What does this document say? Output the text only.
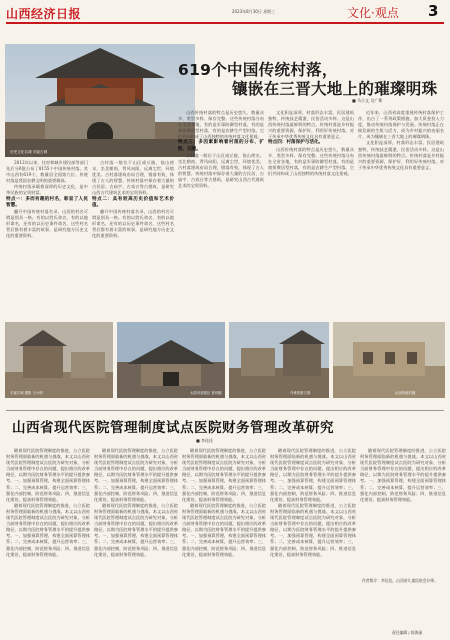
山西经济日报	2023年8月30日 星期三	文化·观点 3
历史文化名城 平遥古城
619个中国传统村落，
镶嵌在三晋大地上的璀璨明珠
■ 马小文 吴广斯

2012年以来，住房和城乡建设部等部门先后分6批公布了8155个中国传统村落，其中山西有619个，数量居全国第九位。传统村落是我国农耕文明的重要载体。

传统村落承载着深厚的历史文化，是中华民族的宝贵财富。

特点一：多而有趣的村名，彰显了人民智慧。

翻开中国传统村落名录，山西的村名可谓是别具一格。有的以姓氏命名，有的以地形命名，还有的以历史事件命名，这些村名背后都有着丰富的故事，是研究地方历史文化的重要资料。

古村落一般位于山区或丘陵，依山傍水，坐北朝南，背风向阳，远离尘世，环境优美。古村落建筑布局合理，错落有致，体现了古人的智慧。传统村落中保存着大量的古民居、古庙宇、古戏台等古建筑，是研究山西古代建筑艺术的宝贵资料。

特点二：具有较高历史价值和艺术价值。

翻开中国传统村落名录，山西的村名可谓是别具一格。有的以姓氏命名，有的以地形命名，还有的以历史事件命名，这些村名背后都有着丰富的故事，是研究地方历史文化的重要资料。

山西传统村落的特点是历史悠久、数量众多、类型多样、保存完整。这些传统村落分布在全省各地，有的是军事防御型村落，有的是商贾聚居型村落，有的是农耕生产型村落，它们共同构成了山西独特的传统村落文化景观。

特点三：多因素影响着村落的分布、扩散、旧貌。

古村落一般位于山区或丘陵，依山傍水，坐北朝南，背风向阳，远离尘世，环境优美。古村落建筑布局合理，错落有致，体现了古人的智慧。传统村落中保存着大量的古民居、古庙宇、古戏台等古建筑，是研究山西古代建筑艺术的宝贵资料。

文化积淀深厚，村落形态丰富，民居建筑独特，传统技艺精湛，民俗活动多样。这是山西传统村落最鲜明的特点。传统村落是乡村振兴的重要资源，保护好、利用好传统村落，对于传承中华优秀传统文化具有重要意义。

特点四：村落保护与活化。

山西传统村落的特点是历史悠久、数量众多、类型多样、保存完整。这些传统村落分布在全省各地，有的是军事防御型村落，有的是商贾聚居型村落，有的是农耕生产型村落，它们共同构成了山西独特的传统村落文化景观。

近年来，山西省高度重视传统村落保护工作，出台了一系列政策措施，加大资金投入力度，推动传统村落保护与发展。传统村落正在焕发新的生机与活力，成为乡村振兴的亮丽名片，成为镶嵌在三晋大地上的璀璨明珠。

文化积淀深厚，村落形态丰富，民居建筑独特，传统技艺精湛，民俗活动多样。这是山西传统村落最鲜明的特点。传统村落是乡村振兴的重要资源，保护好、利用好传统村落，对于传承中华优秀传统文化具有重要意义。

平遥古城 摄影 王小明	太原市晋源区 晋祠镇	介休张壁古堡	山西传统村落
山西省现代医院管理制度试点医院财务管理改革研究
■ 李佳佳

随着现代医院管理制度的推进，公立医院财务管理面临新的机遇与挑战。本文以山西省现代医院管理制度试点医院为研究对象，分析当前财务管理中存在的问题，提出相应的改革路径，以期为医院财务管理水平的提升提供参考。一、加强预算管理，构建全面预算管理体系；二、完善成本核算，提升运营效率；三、强化内部控制，防范财务风险；四、推进信息化建设，提高财务管理效能。

随着现代医院管理制度的推进，公立医院财务管理面临新的机遇与挑战。本文以山西省现代医院管理制度试点医院为研究对象，分析当前财务管理中存在的问题，提出相应的改革路径，以期为医院财务管理水平的提升提供参考。一、加强预算管理，构建全面预算管理体系；二、完善成本核算，提升运营效率；三、强化内部控制，防范财务风险；四、推进信息化建设，提高财务管理效能。

随着现代医院管理制度的推进，公立医院财务管理面临新的机遇与挑战。本文以山西省现代医院管理制度试点医院为研究对象，分析当前财务管理中存在的问题，提出相应的改革路径，以期为医院财务管理水平的提升提供参考。一、加强预算管理，构建全面预算管理体系；二、完善成本核算，提升运营效率；三、强化内部控制，防范财务风险；四、推进信息化建设，提高财务管理效能。

随着现代医院管理制度的推进，公立医院财务管理面临新的机遇与挑战。本文以山西省现代医院管理制度试点医院为研究对象，分析当前财务管理中存在的问题，提出相应的改革路径，以期为医院财务管理水平的提升提供参考。一、加强预算管理，构建全面预算管理体系；二、完善成本核算，提升运营效率；三、强化内部控制，防范财务风险；四、推进信息化建设，提高财务管理效能。

随着现代医院管理制度的推进，公立医院财务管理面临新的机遇与挑战。本文以山西省现代医院管理制度试点医院为研究对象，分析当前财务管理中存在的问题，提出相应的改革路径，以期为医院财务管理水平的提升提供参考。一、加强预算管理，构建全面预算管理体系；二、完善成本核算，提升运营效率；三、强化内部控制，防范财务风险；四、推进信息化建设，提高财务管理效能。

随着现代医院管理制度的推进，公立医院财务管理面临新的机遇与挑战。本文以山西省现代医院管理制度试点医院为研究对象，分析当前财务管理中存在的问题，提出相应的改革路径，以期为医院财务管理水平的提升提供参考。一、加强预算管理，构建全面预算管理体系；二、完善成本核算，提升运营效率；三、强化内部控制，防范财务风险；四、推进信息化建设，提高财务管理效能。

随着现代医院管理制度的推进，公立医院财务管理面临新的机遇与挑战。本文以山西省现代医院管理制度试点医院为研究对象，分析当前财务管理中存在的问题，提出相应的改革路径，以期为医院财务管理水平的提升提供参考。一、加强预算管理，构建全面预算管理体系；二、完善成本核算，提升运营效率；三、强化内部控制，防范财务风险；四、推进信息化建设，提高财务管理效能。

随着现代医院管理制度的推进，公立医院财务管理面临新的机遇与挑战。本文以山西省现代医院管理制度试点医院为研究对象，分析当前财务管理中存在的问题，提出相应的改革路径，以期为医院财务管理水平的提升提供参考。一、加强预算管理，构建全面预算管理体系；二、完善成本核算，提升运营效率；三、强化内部控制，防范财务风险；四、推进信息化建设，提高财务管理效能。

随着现代医院管理制度的推进，公立医院财务管理面临新的机遇与挑战。本文以山西省现代医院管理制度试点医院为研究对象，分析当前财务管理中存在的问题，提出相应的改革路径，以期为医院财务管理水平的提升提供参考。一、加强预算管理，构建全面预算管理体系；二、完善成本核算，提升运营效率；三、强化内部控制，防范财务风险；四、推进信息化建设，提高财务管理效能。

作者简介：李佳佳，山西省儿童医院会计师。
责任编辑 / 陈海丽
